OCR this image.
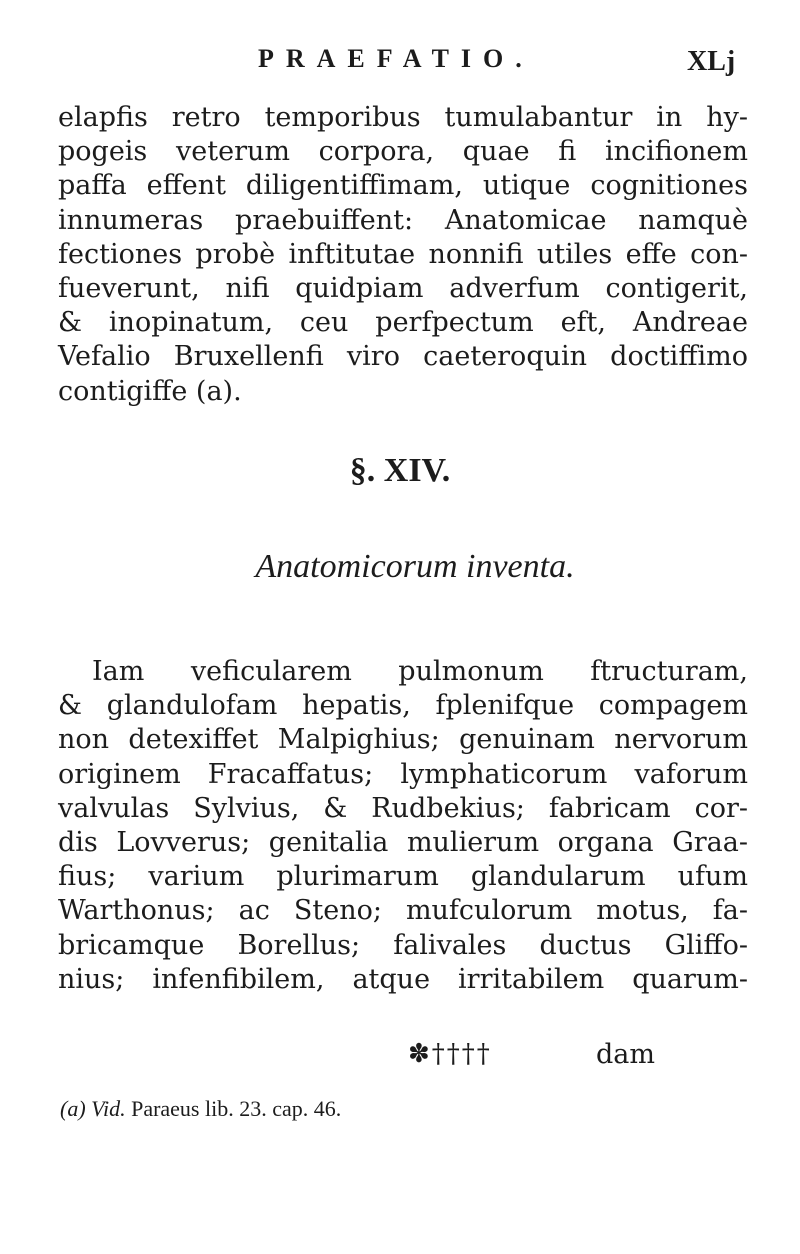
PRAEFATIO.	XLj
elapfis retro temporibus tumulabantur in hy-
pogeis veterum corpora, quae fi incifionem
paffa effent diligentiffimam, utique cognitiones
innumeras praebuiffent: Anatomicae namquè
fectiones probè inftitutae nonnifi utiles effe con-
fueverunt, nifi quidpiam adverfum contigerit,
& inopinatum, ceu perfpectum eft, Andreae
Vefalio Bruxellenfi viro caeteroquin doctiffimo
contigiffe (a).
§. XIV.
Anatomicorum inventa.
Iam veficularem pulmonum ftructuram,
& glandulofam hepatis, fplenifque compagem
non detexiffet Malpighius; genuinam nervorum
originem Fracaffatus; lymphaticorum vaforum
valvulas Sylvius, & Rudbekius; fabricam cor-
dis Lovverus; genitalia mulierum organa Graa-
fius; varium plurimarum glandularum ufum
Warthonus; ac Steno; mufculorum motus, fa-
bricamque Borellus; falivales ductus Gliffo-
nius; infenfibilem, atque irritabilem quarum-
✽††††	dam
(a) Vid. Paraeus lib. 23. cap. 46.
